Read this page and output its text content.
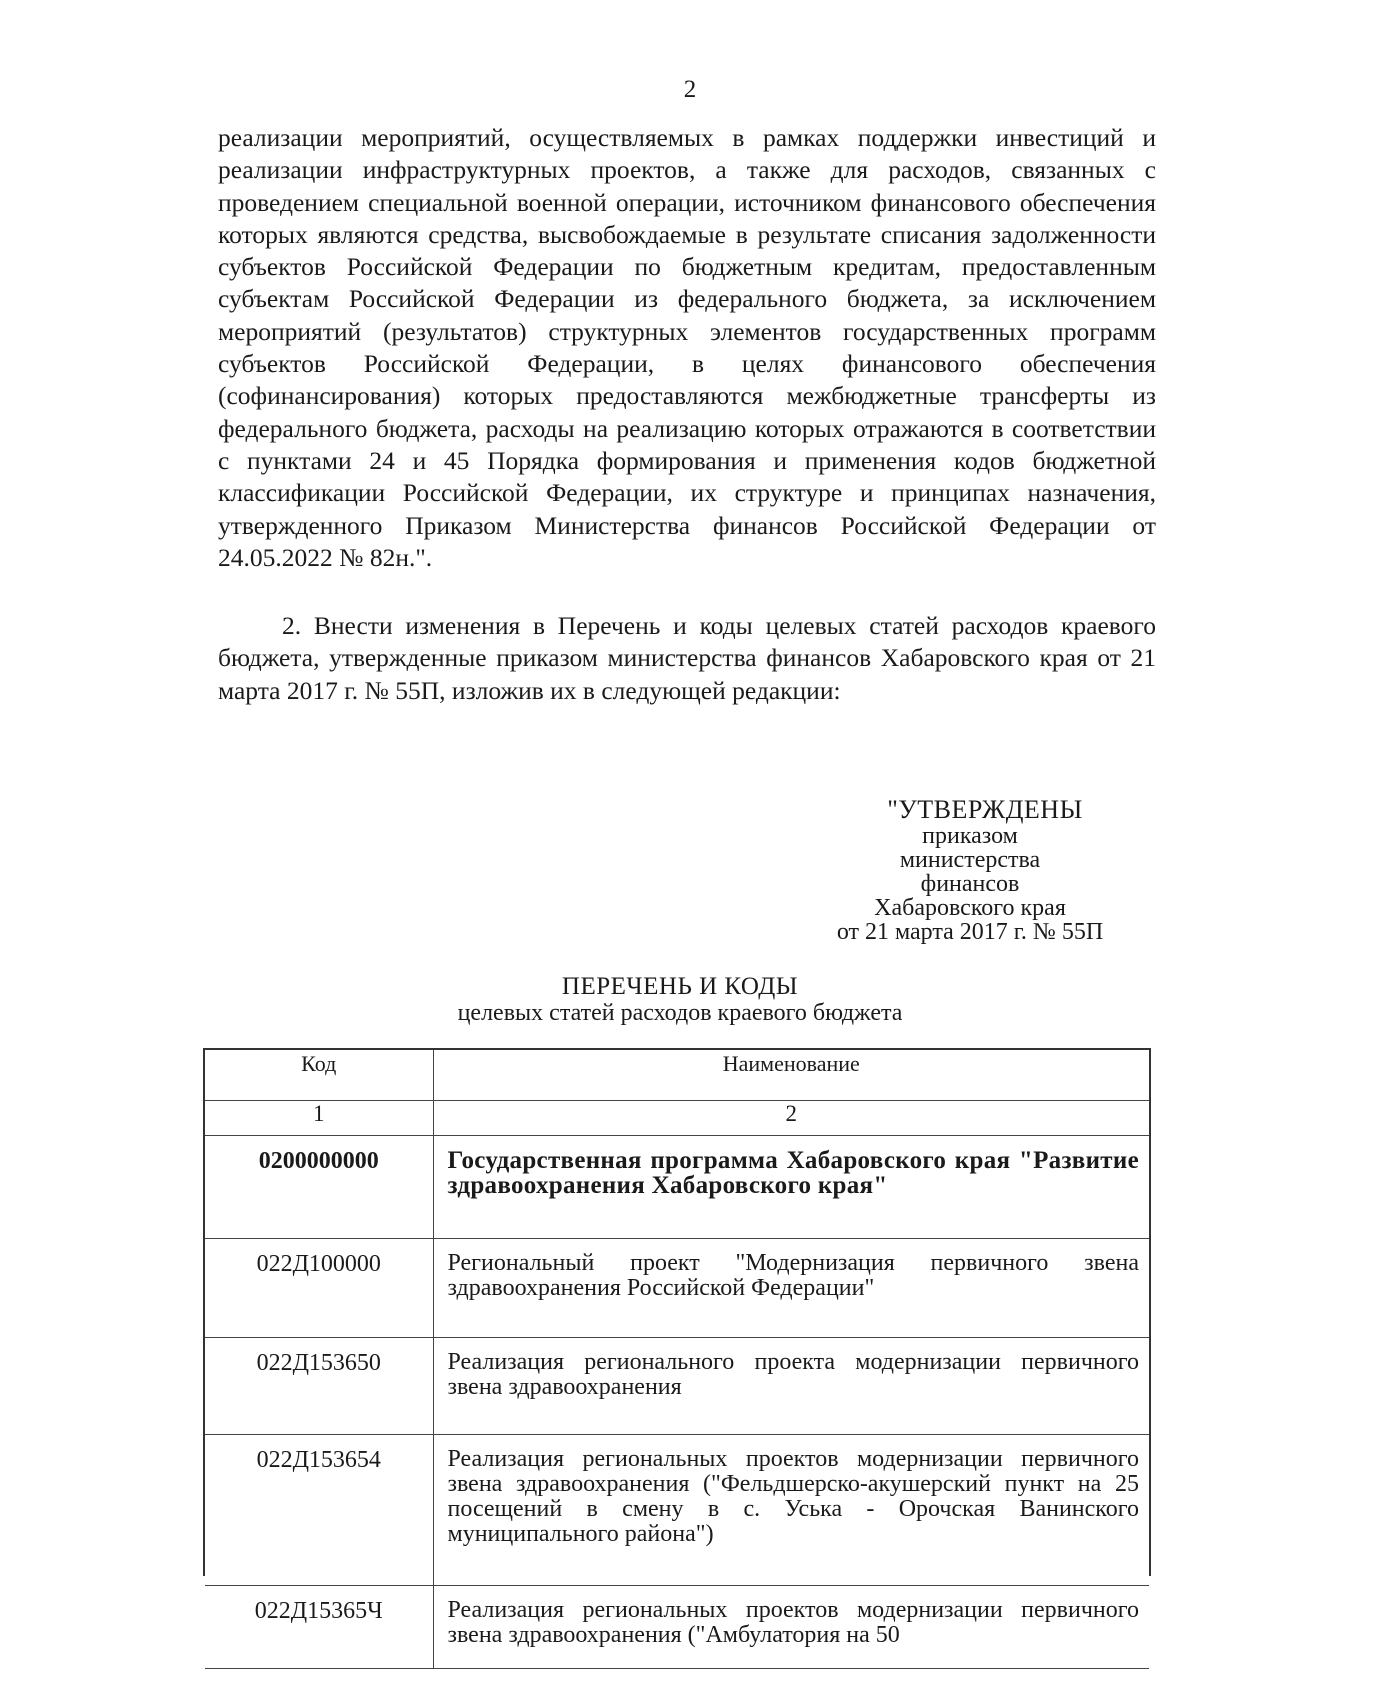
2

реализации мероприятий, осуществляемых в рамках поддержки инвестиций и реализации инфраструктурных проектов, а также для расходов, связанных с проведением специальной военной операции, источником финансового обеспечения которых являются средства, высвобождаемые в результате списания задолженности субъектов Российской Федерации по бюджетным кредитам, предоставленным субъектам Российской Федерации из федерального бюджета, за исключением мероприятий (результатов) структурных элементов государственных программ субъектов Российской Федерации, в целях финансового обеспечения (софинансирования) которых предоставляются межбюджетные трансферты из федерального бюджета, расходы на реализацию которых отражаются в соответствии с пунктами 24 и 45 Порядка формирования и применения кодов бюджетной классификации Российской Федерации, их структуре и принципах назначения, утвержденного Приказом Министерства финансов Российской Федерации от 24.05.2022 № 82н.".

2. Внести изменения в Перечень и коды целевых статей расходов краевого бюджета, утвержденные приказом министерства финансов Хабаровского края от 21 марта 2017 г. № 55П, изложив их в следующей редакции:

"УТВЕРЖДЕНЫ
приказом
министерства
финансов
Хабаровского края
от 21 марта 2017 г. № 55П
ПЕРЕЧЕНЬ И КОДЫ
целевых статей расходов краевого бюджета
Код	Наименование
1	2
0200000000	Государственная программа Хабаровского края "Развитие здравоохранения Хабаровского края"
022Д100000	Региональный проект "Модернизация первичного звена здравоохранения Российской Федерации"
022Д153650	Реализация регионального проекта модернизации первичного звена здравоохранения
022Д153654	Реализация региональных проектов модернизации первичного звена здравоохранения ("Фельдшерско-акушерский пункт на 25 посещений в смену в с. Уська - Орочская Ванинского муниципального района")
022Д15365Ч	Реализация региональных проектов модернизации первичного звена здравоохранения ("Амбулатория на 50
